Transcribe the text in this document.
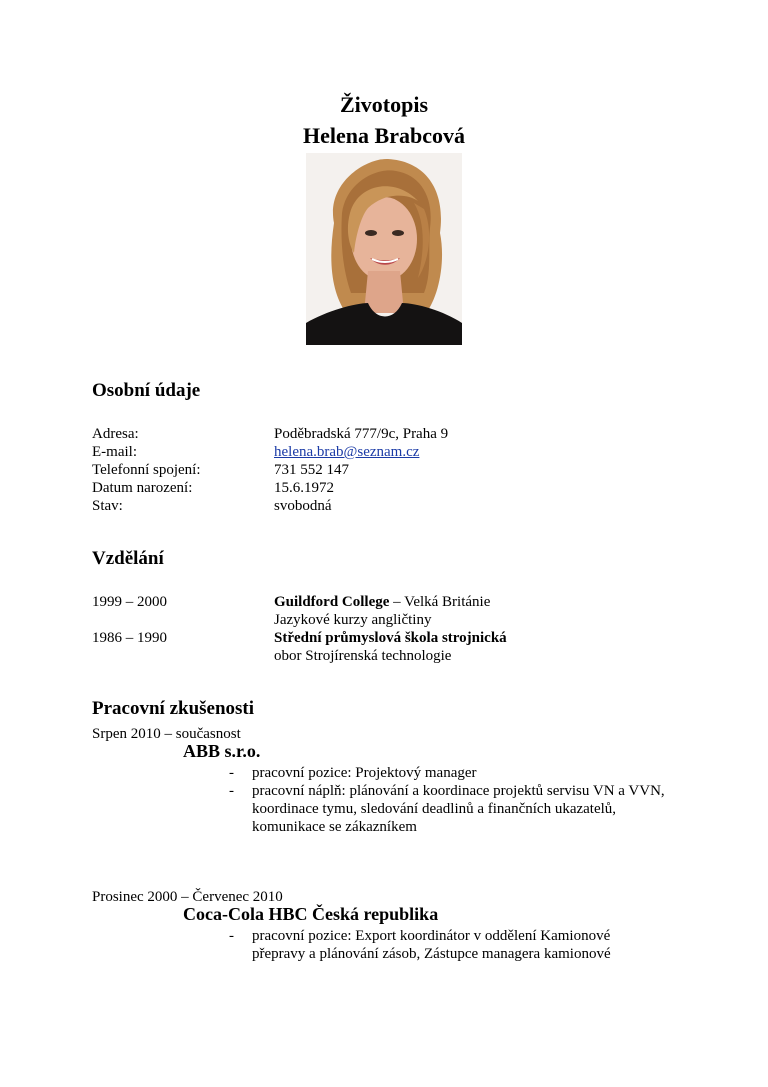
Životopis
Helena Brabcová
Osobní údaje
Adresa:	Poděbradská 777/9c, Praha 9
E-mail:	helena.brab@seznam.cz
Telefonní spojení:	731 552 147
Datum narození:	15.6.1972
Stav:	svobodná
Vzdělání
1999 – 2000	Guildford College – Velká Británie
Jazykové kurzy angličtiny
1986 – 1990	Střední průmyslová škola strojnická
obor Strojírenská technologie
Pracovní zkušenosti
Srpen 2010 – současnost
ABB s.r.o.
- pracovní pozice: Projektový manager
- pracovní náplň: plánování a koordinace projektů servisu VN a VVN, koordinace tymu, sledování deadlinů a finančních ukazatelů, komunikace se zákazníkem
Prosinec 2000 – Červenec 2010
Coca-Cola HBC Česká republika
- pracovní pozice: Export koordinátor v oddělení Kamionové přepravy a plánování zásob, Zástupce managera kamionové
